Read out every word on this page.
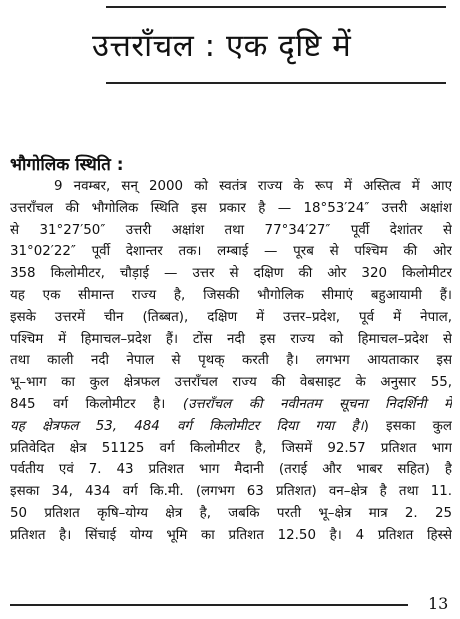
उत्तराँचल : एक दृष्टि में
भौगोलिक स्थिति :
9 नवम्बर, सन् 2000 को स्वतंत्र राज्य के रूप में अस्तित्व में आए
उत्तराँचल की भौगोलिक स्थिति इस प्रकार है — 18°53′24″ उत्तरी अक्षांश
से 31°27′50″ उत्तरी अक्षांश तथा 77°34′27″ पूर्वी देशांतर से
31°02′22″ पूर्वी देशान्तर तक। लम्बाई — पूरब से पश्चिम की ओर
358 किलोमीटर, चौड़ाई — उत्तर से दक्षिण की ओर 320 किलोमीटर
यह एक सीमान्त राज्य है, जिसकी भौगोलिक सीमाएं बहुआयामी हैं।
इसके उत्तरमें चीन (तिब्बत), दक्षिण में उत्तर–प्रदेश, पूर्व में नेपाल,
पश्चिम में हिमाचल–प्रदेश हैं। टोंस नदी इस राज्य को हिमाचल–प्रदेश से
तथा काली नदी नेपाल से पृथक् करती है। लगभग आयताकार इस
भू–भाग का कुल क्षेत्रफल उत्तराँचल राज्य की वेबसाइट के अनुसार 55,
845 वर्ग किलोमीटर है। (उत्तराँचल की नवीनतम सूचना निदर्शिनी में
यह क्षेत्रफल 53, 484 वर्ग किलोमीटर दिया गया है।) इसका कुल
प्रतिवेदित क्षेत्र 51125 वर्ग किलोमीटर है, जिसमें 92.57 प्रतिशत भाग
पर्वतीय एवं 7. 43 प्रतिशत भाग मैदानी (तराई और भाबर सहित) है
इसका 34, 434 वर्ग कि.मी. (लगभग 63 प्रतिशत) वन–क्षेत्र है तथा 11.
50 प्रतिशत कृषि–योग्य क्षेत्र है, जबकि परती भू–क्षेत्र मात्र 2. 25
प्रतिशत है। सिंचाई योग्य भूमि का प्रतिशत 12.50 है। 4 प्रतिशत हिस्से
13
